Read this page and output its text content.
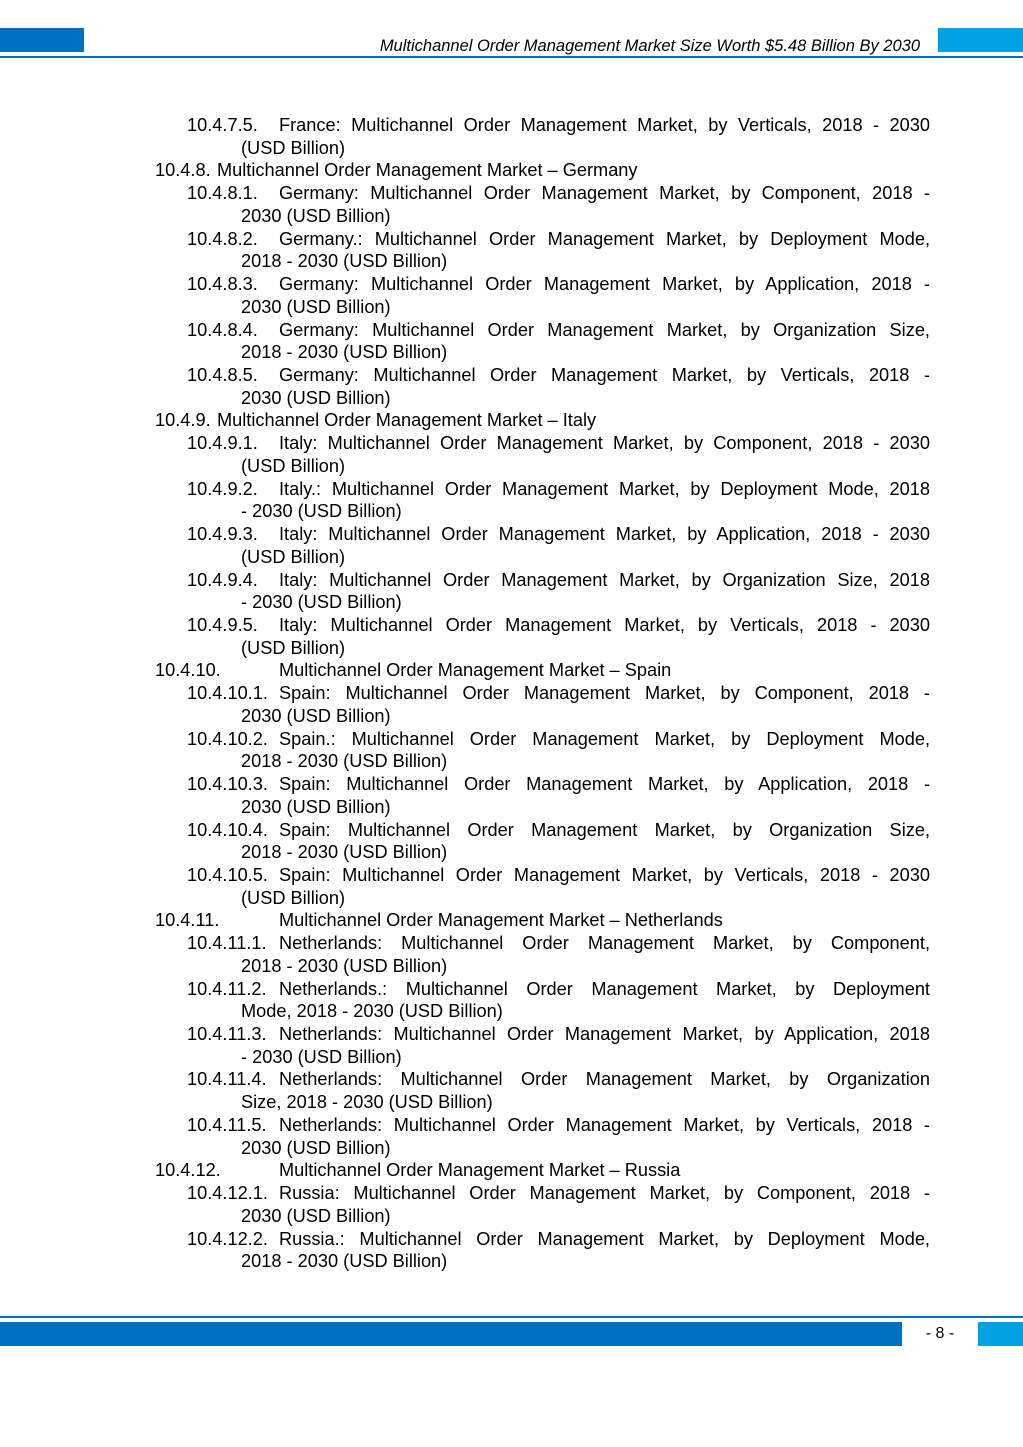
Multichannel Order Management Market Size Worth $5.48 Billion By 2030
10.4.7.5. France: Multichannel Order Management Market, by Verticals, 2018 - 2030
(USD Billion)
10.4.8. Multichannel Order Management Market – Germany
10.4.8.1. Germany: Multichannel Order Management Market, by Component, 2018 -
2030 (USD Billion)
10.4.8.2. Germany.: Multichannel Order Management Market, by Deployment Mode,
2018 - 2030 (USD Billion)
10.4.8.3. Germany: Multichannel Order Management Market, by Application, 2018 -
2030 (USD Billion)
10.4.8.4. Germany: Multichannel Order Management Market, by Organization Size,
2018 - 2030 (USD Billion)
10.4.8.5. Germany: Multichannel Order Management Market, by Verticals, 2018 -
2030 (USD Billion)
10.4.9. Multichannel Order Management Market – Italy
10.4.9.1. Italy: Multichannel Order Management Market, by Component, 2018 - 2030
(USD Billion)
10.4.9.2. Italy.: Multichannel Order Management Market, by Deployment Mode, 2018
- 2030 (USD Billion)
10.4.9.3. Italy: Multichannel Order Management Market, by Application, 2018 - 2030
(USD Billion)
10.4.9.4. Italy: Multichannel Order Management Market, by Organization Size, 2018
- 2030 (USD Billion)
10.4.9.5. Italy: Multichannel Order Management Market, by Verticals, 2018 - 2030
(USD Billion)
10.4.10.	Multichannel Order Management Market – Spain
10.4.10.1. Spain: Multichannel Order Management Market, by Component, 2018 -
2030 (USD Billion)
10.4.10.2. Spain.: Multichannel Order Management Market, by Deployment Mode,
2018 - 2030 (USD Billion)
10.4.10.3. Spain: Multichannel Order Management Market, by Application, 2018 -
2030 (USD Billion)
10.4.10.4. Spain: Multichannel Order Management Market, by Organization Size,
2018 - 2030 (USD Billion)
10.4.10.5. Spain: Multichannel Order Management Market, by Verticals, 2018 - 2030
(USD Billion)
10.4.11.	Multichannel Order Management Market – Netherlands
10.4.11.1. Netherlands: Multichannel Order Management Market, by Component,
2018 - 2030 (USD Billion)
10.4.11.2. Netherlands.: Multichannel Order Management Market, by Deployment
Mode, 2018 - 2030 (USD Billion)
10.4.11.3. Netherlands: Multichannel Order Management Market, by Application, 2018
- 2030 (USD Billion)
10.4.11.4. Netherlands: Multichannel Order Management Market, by Organization
Size, 2018 - 2030 (USD Billion)
10.4.11.5. Netherlands: Multichannel Order Management Market, by Verticals, 2018 -
2030 (USD Billion)
10.4.12.	Multichannel Order Management Market – Russia
10.4.12.1. Russia: Multichannel Order Management Market, by Component, 2018 -
2030 (USD Billion)
10.4.12.2. Russia.: Multichannel Order Management Market, by Deployment Mode,
2018 - 2030 (USD Billion)
- 8 -
